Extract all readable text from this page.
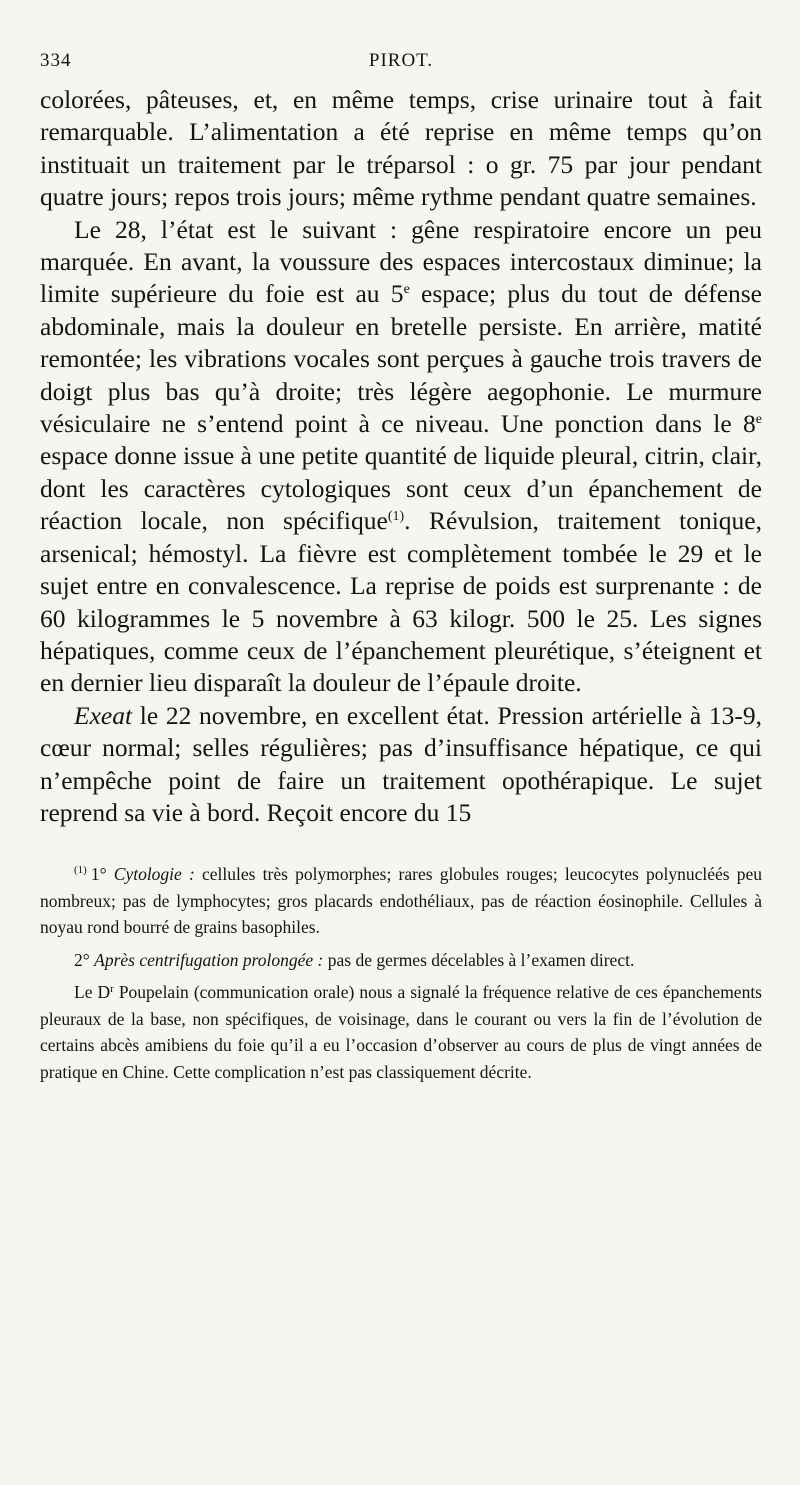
334	PIROT.

colorées, pâteuses, et, en même temps, crise urinaire tout à fait remarquable. L’alimentation a été reprise en même temps qu’on instituait un traitement par le tréparsol : o gr. 75 par jour pendant quatre jours; repos trois jours; même rythme pendant quatre semaines.

Le 28, l’état est le suivant : gêne respiratoire encore un peu marquée. En avant, la voussure des espaces intercostaux diminue; la limite supérieure du foie est au 5e espace; plus du tout de défense abdominale, mais la douleur en bretelle persiste. En arrière, matité remontée; les vibrations vocales sont perçues à gauche trois travers de doigt plus bas qu’à droite; très légère aegophonie. Le murmure vésiculaire ne s’entend point à ce niveau. Une ponction dans le 8e espace donne issue à une petite quantité de liquide pleural, citrin, clair, dont les caractères cytologiques sont ceux d’un épanchement de réaction locale, non spécifique$^{(1)}$. Révulsion, traitement tonique, arsenical; hémostyl. La fièvre est complètement tombée le 29 et le sujet entre en convalescence. La reprise de poids est surprenante : de 60 kilogrammes le 5 novembre à 63 kilogr. 500 le 25. Les signes hépatiques, comme ceux de l’épanchement pleurétique, s’éteignent et en dernier lieu disparaît la douleur de l’épaule droite.

Exeat le 22 novembre, en excellent état. Pression artérielle à 13-9, cœur normal; selles régulières; pas d’insuffisance hépatique, ce qui n’empêche point de faire un traitement opothérapique. Le sujet reprend sa vie à bord. Reçoit encore du 15

$^{(1)}$ 1° Cytologie : cellules très polymorphes; rares globules rouges; leucocytes polynucléés peu nombreux; pas de lymphocytes; gros placards endothéliaux, pas de réaction éosinophile. Cellules à noyau rond bourré de grains basophiles.

2° Après centrifugation prolongée : pas de germes décelables à l’examen direct.

Le $D^r$ Poupelain (communication orale) nous a signalé la fréquence relative de ces épanchements pleuraux de la base, non spécifiques, de voisinage, dans le courant ou vers la fin de l’évolution de certains abcès amibiens du foie qu’il a eu l’occasion d’observer au cours de plus de vingt années de pratique en Chine. Cette complication n’est pas classiquement décrite.
